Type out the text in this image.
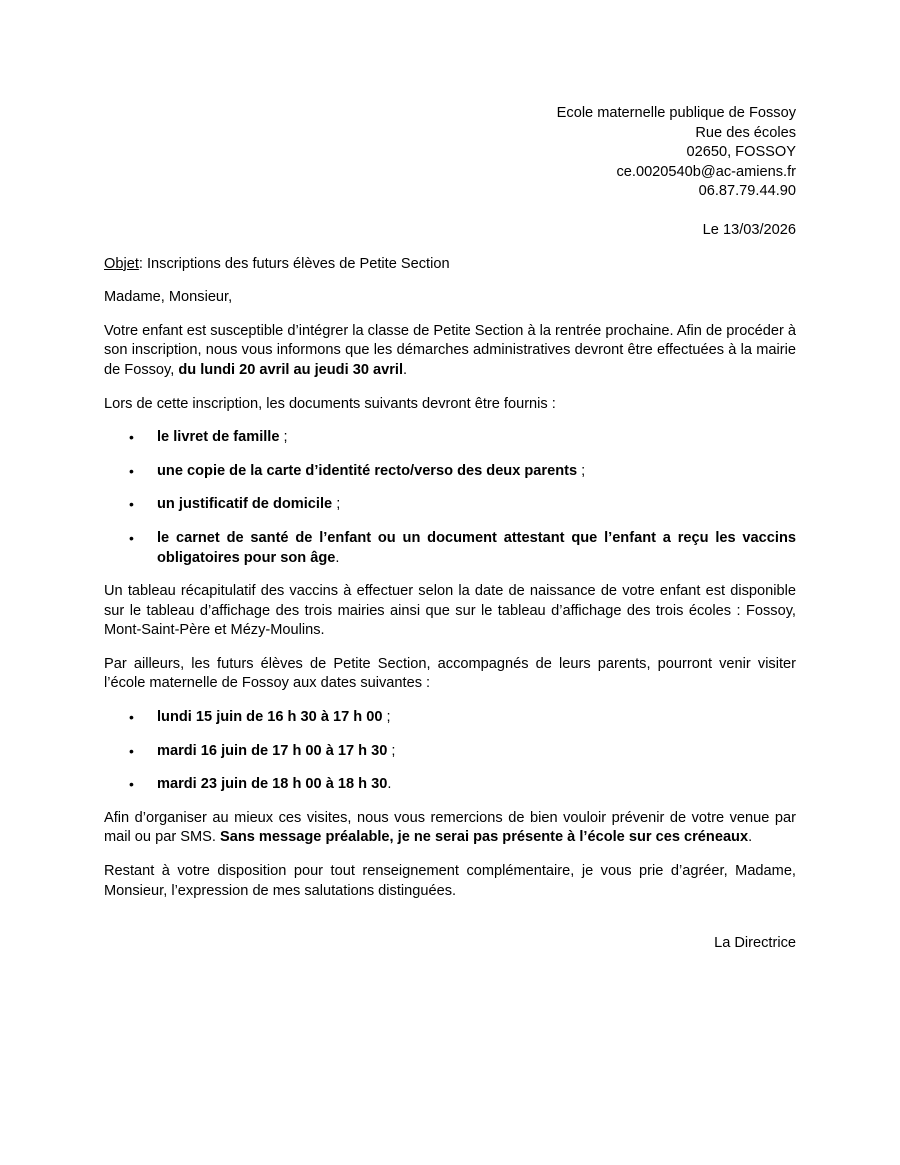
Ecole maternelle publique de Fossoy
Rue des écoles
02650, FOSSOY
ce.0020540b@ac-amiens.fr
06.87.79.44.90
Le 13/03/2026

Objet: Inscriptions des futurs élèves de Petite Section

Madame, Monsieur,

Votre enfant est susceptible d’intégrer la classe de Petite Section à la rentrée prochaine. Afin de procéder à son inscription, nous vous informons que les démarches administratives devront être effectuées à la mairie de Fossoy, du lundi 20 avril au jeudi 30 avril.

Lors de cette inscription, les documents suivants devront être fournis :

• le livret de famille ;
• une copie de la carte d’identité recto/verso des deux parents ;
• un justificatif de domicile ;
• le carnet de santé de l’enfant ou un document attestant que l’enfant a reçu les vaccins obligatoires pour son âge.

Un tableau récapitulatif des vaccins à effectuer selon la date de naissance de votre enfant est disponible sur le tableau d’affichage des trois mairies ainsi que sur le tableau d’affichage des trois écoles : Fossoy, Mont-Saint-Père et Mézy-Moulins.

Par ailleurs, les futurs élèves de Petite Section, accompagnés de leurs parents, pourront venir visiter l’école maternelle de Fossoy aux dates suivantes :

• lundi 15 juin de 16 h 30 à 17 h 00 ;
• mardi 16 juin de 17 h 00 à 17 h 30 ;
• mardi 23 juin de 18 h 00 à 18 h 30.

Afin d’organiser au mieux ces visites, nous vous remercions de bien vouloir prévenir de votre venue par mail ou par SMS. Sans message préalable, je ne serai pas présente à l’école sur ces créneaux.

Restant à votre disposition pour tout renseignement complémentaire, je vous prie d’agréer, Madame, Monsieur, l’expression de mes salutations distinguées.

La Directrice
